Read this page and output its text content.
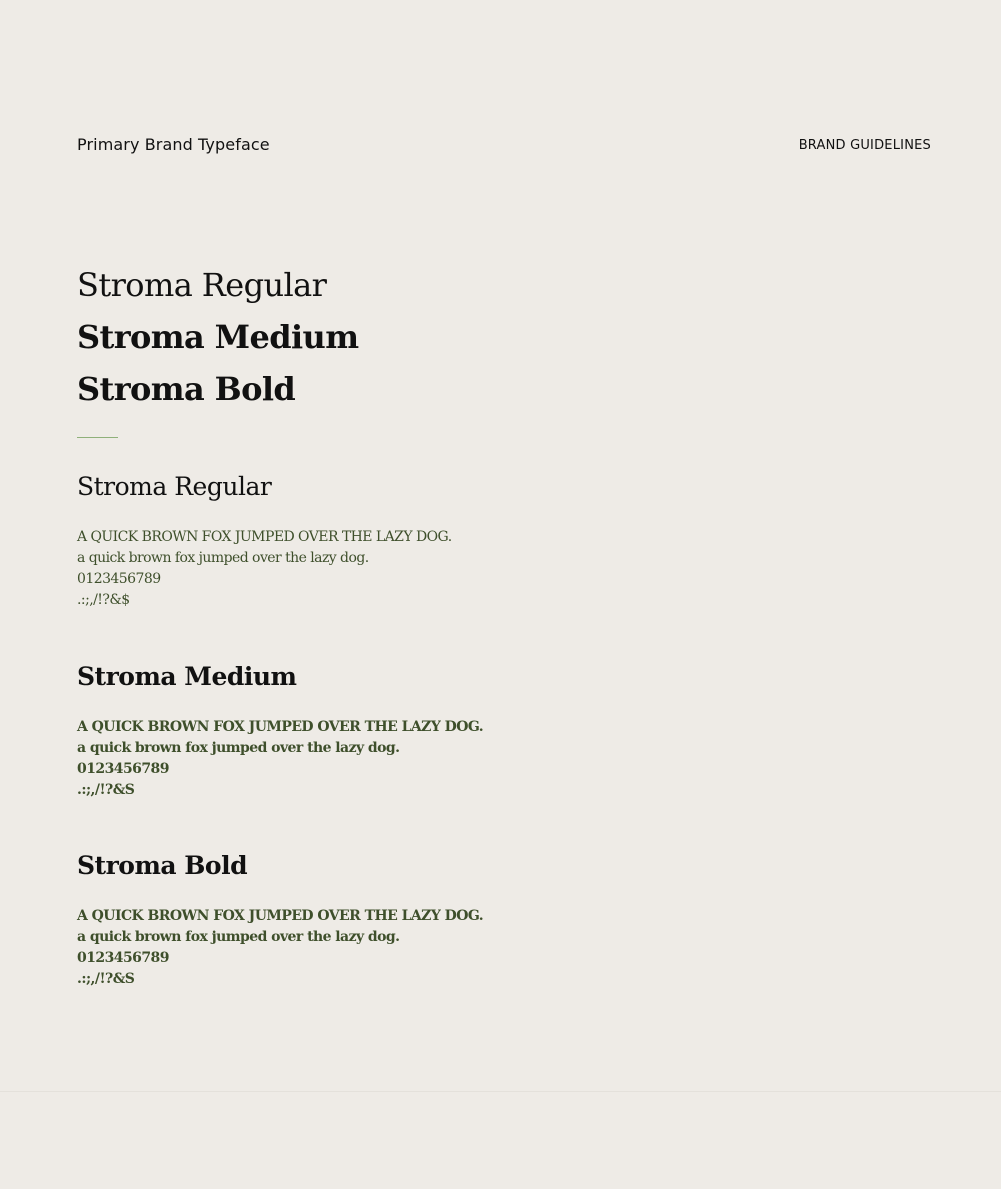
Primary Brand Typeface	BRAND GUIDELINES
Stroma Regular
Stroma Medium
Stroma Bold
Stroma Regular
A QUICK BROWN FOX JUMPED OVER THE LAZY DOG.
a quick brown fox jumped over the lazy dog.
0123456789
.:;,/!?&$
Stroma Medium
A QUICK BROWN FOX JUMPED OVER THE LAZY DOG.
a quick brown fox jumped over the lazy dog.
0123456789
.:;,/!?&S
Stroma Bold
A QUICK BROWN FOX JUMPED OVER THE LAZY DOG.
a quick brown fox jumped over the lazy dog.
0123456789
.:;,/!?&S
